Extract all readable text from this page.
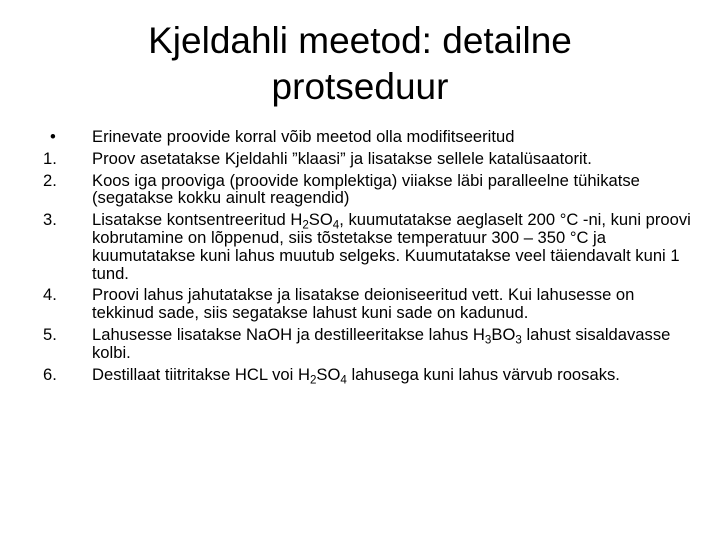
Kjeldahli meetod: detailne protseduur
•	Erinevate proovide korral võib meetod olla modifitseeritud
1.	Proov asetatakse Kjeldahli ”klaasi” ja lisatakse sellele katalüsaatorit.
2.	Koos iga prooviga (proovide komplektiga) viiakse läbi paralleelne tühikatse (segatakse kokku ainult reagendid)
3.	Lisatakse kontsentreeritud $H_2SO_4$, kuumutatakse aeglaselt 200 °C -ni, kuni proovi kobrutamine on lõppenud, siis tõstetakse temperatuur 300 – 350 °C ja kuumutatakse kuni lahus muutub selgeks. Kuumutatakse veel täiendavalt kuni 1 tund.
4.	Proovi lahus jahutatakse ja lisatakse deioniseeritud vett. Kui lahusesse on tekkinud sade, siis segatakse lahust kuni sade on kadunud.
5.	Lahusesse lisatakse NaOH ja destilleeritakse lahus $H_3BO_3$ lahust sisaldavasse kolbi.
6.	Destillaat tiitritakse HCL voi $H_2SO_4$ lahusega kuni lahus värvub roosaks.
